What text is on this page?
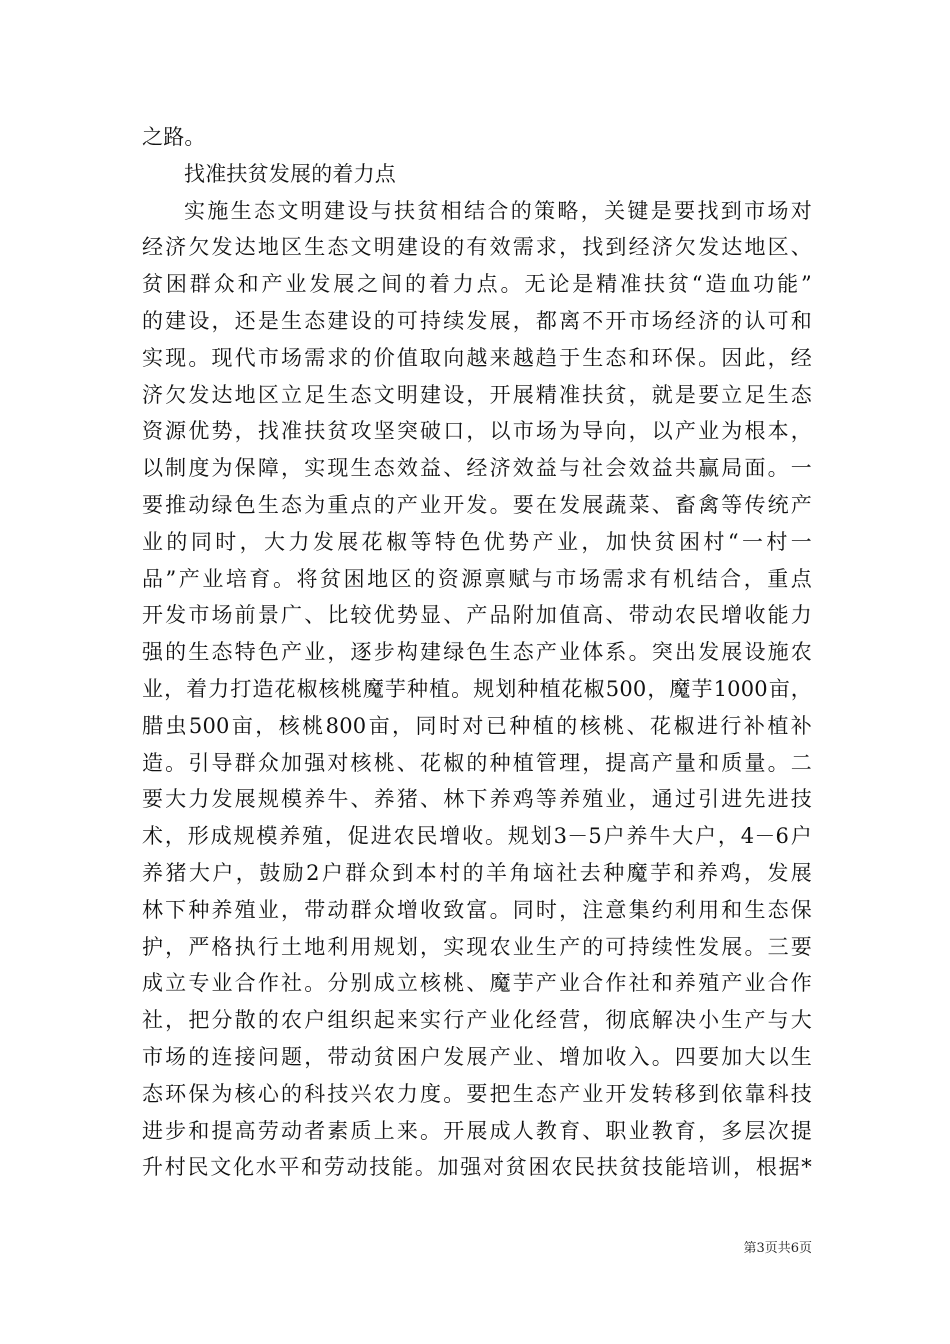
之路。
找准扶贫发展的着力点
实施生态文明建设与扶贫相结合的策略，关键是要找到市场对
经济欠发达地区生态文明建设的有效需求，找到经济欠发达地区、
贫困群众和产业发展之间的着力点。无论是精准扶贫“造血功能”
的建设，还是生态建设的可持续发展，都离不开市场经济的认可和
实现。现代市场需求的价值取向越来越趋于生态和环保。因此，经
济欠发达地区立足生态文明建设，开展精准扶贫，就是要立足生态
资源优势，找准扶贫攻坚突破口，以市场为导向，以产业为根本，
以制度为保障，实现生态效益、经济效益与社会效益共赢局面。一
要推动绿色生态为重点的产业开发。要在发展蔬菜、畜禽等传统产
业的同时，大力发展花椒等特色优势产业，加快贫困村“一村一
品”产业培育。将贫困地区的资源禀赋与市场需求有机结合，重点
开发市场前景广、比较优势显、产品附加值高、带动农民增收能力
强的生态特色产业，逐步构建绿色生态产业体系。突出发展设施农
业，着力打造花椒核桃魔芋种植。规划种植花椒500，魔芋1000亩，
腊虫500亩，核桃800亩，同时对已种植的核桃、花椒进行补植补
造。引导群众加强对核桃、花椒的种植管理，提高产量和质量。二
要大力发展规模养牛、养猪、林下养鸡等养殖业，通过引进先进技
术，形成规模养殖，促进农民增收。规划3－5户养牛大户，4－6户
养猪大户，鼓励2户群众到本村的羊角垴社去种魔芋和养鸡，发展
林下种养殖业，带动群众增收致富。同时，注意集约利用和生态保
护，严格执行土地利用规划，实现农业生产的可持续性发展。三要
成立专业合作社。分别成立核桃、魔芋产业合作社和养殖产业合作
社，把分散的农户组织起来实行产业化经营，彻底解决小生产与大
市场的连接问题，带动贫困户发展产业、增加收入。四要加大以生
态环保为核心的科技兴农力度。要把生态产业开发转移到依靠科技
进步和提高劳动者素质上来。开展成人教育、职业教育，多层次提
升村民文化水平和劳动技能。加强对贫困农民扶贫技能培训，根据*
第3页共6页
